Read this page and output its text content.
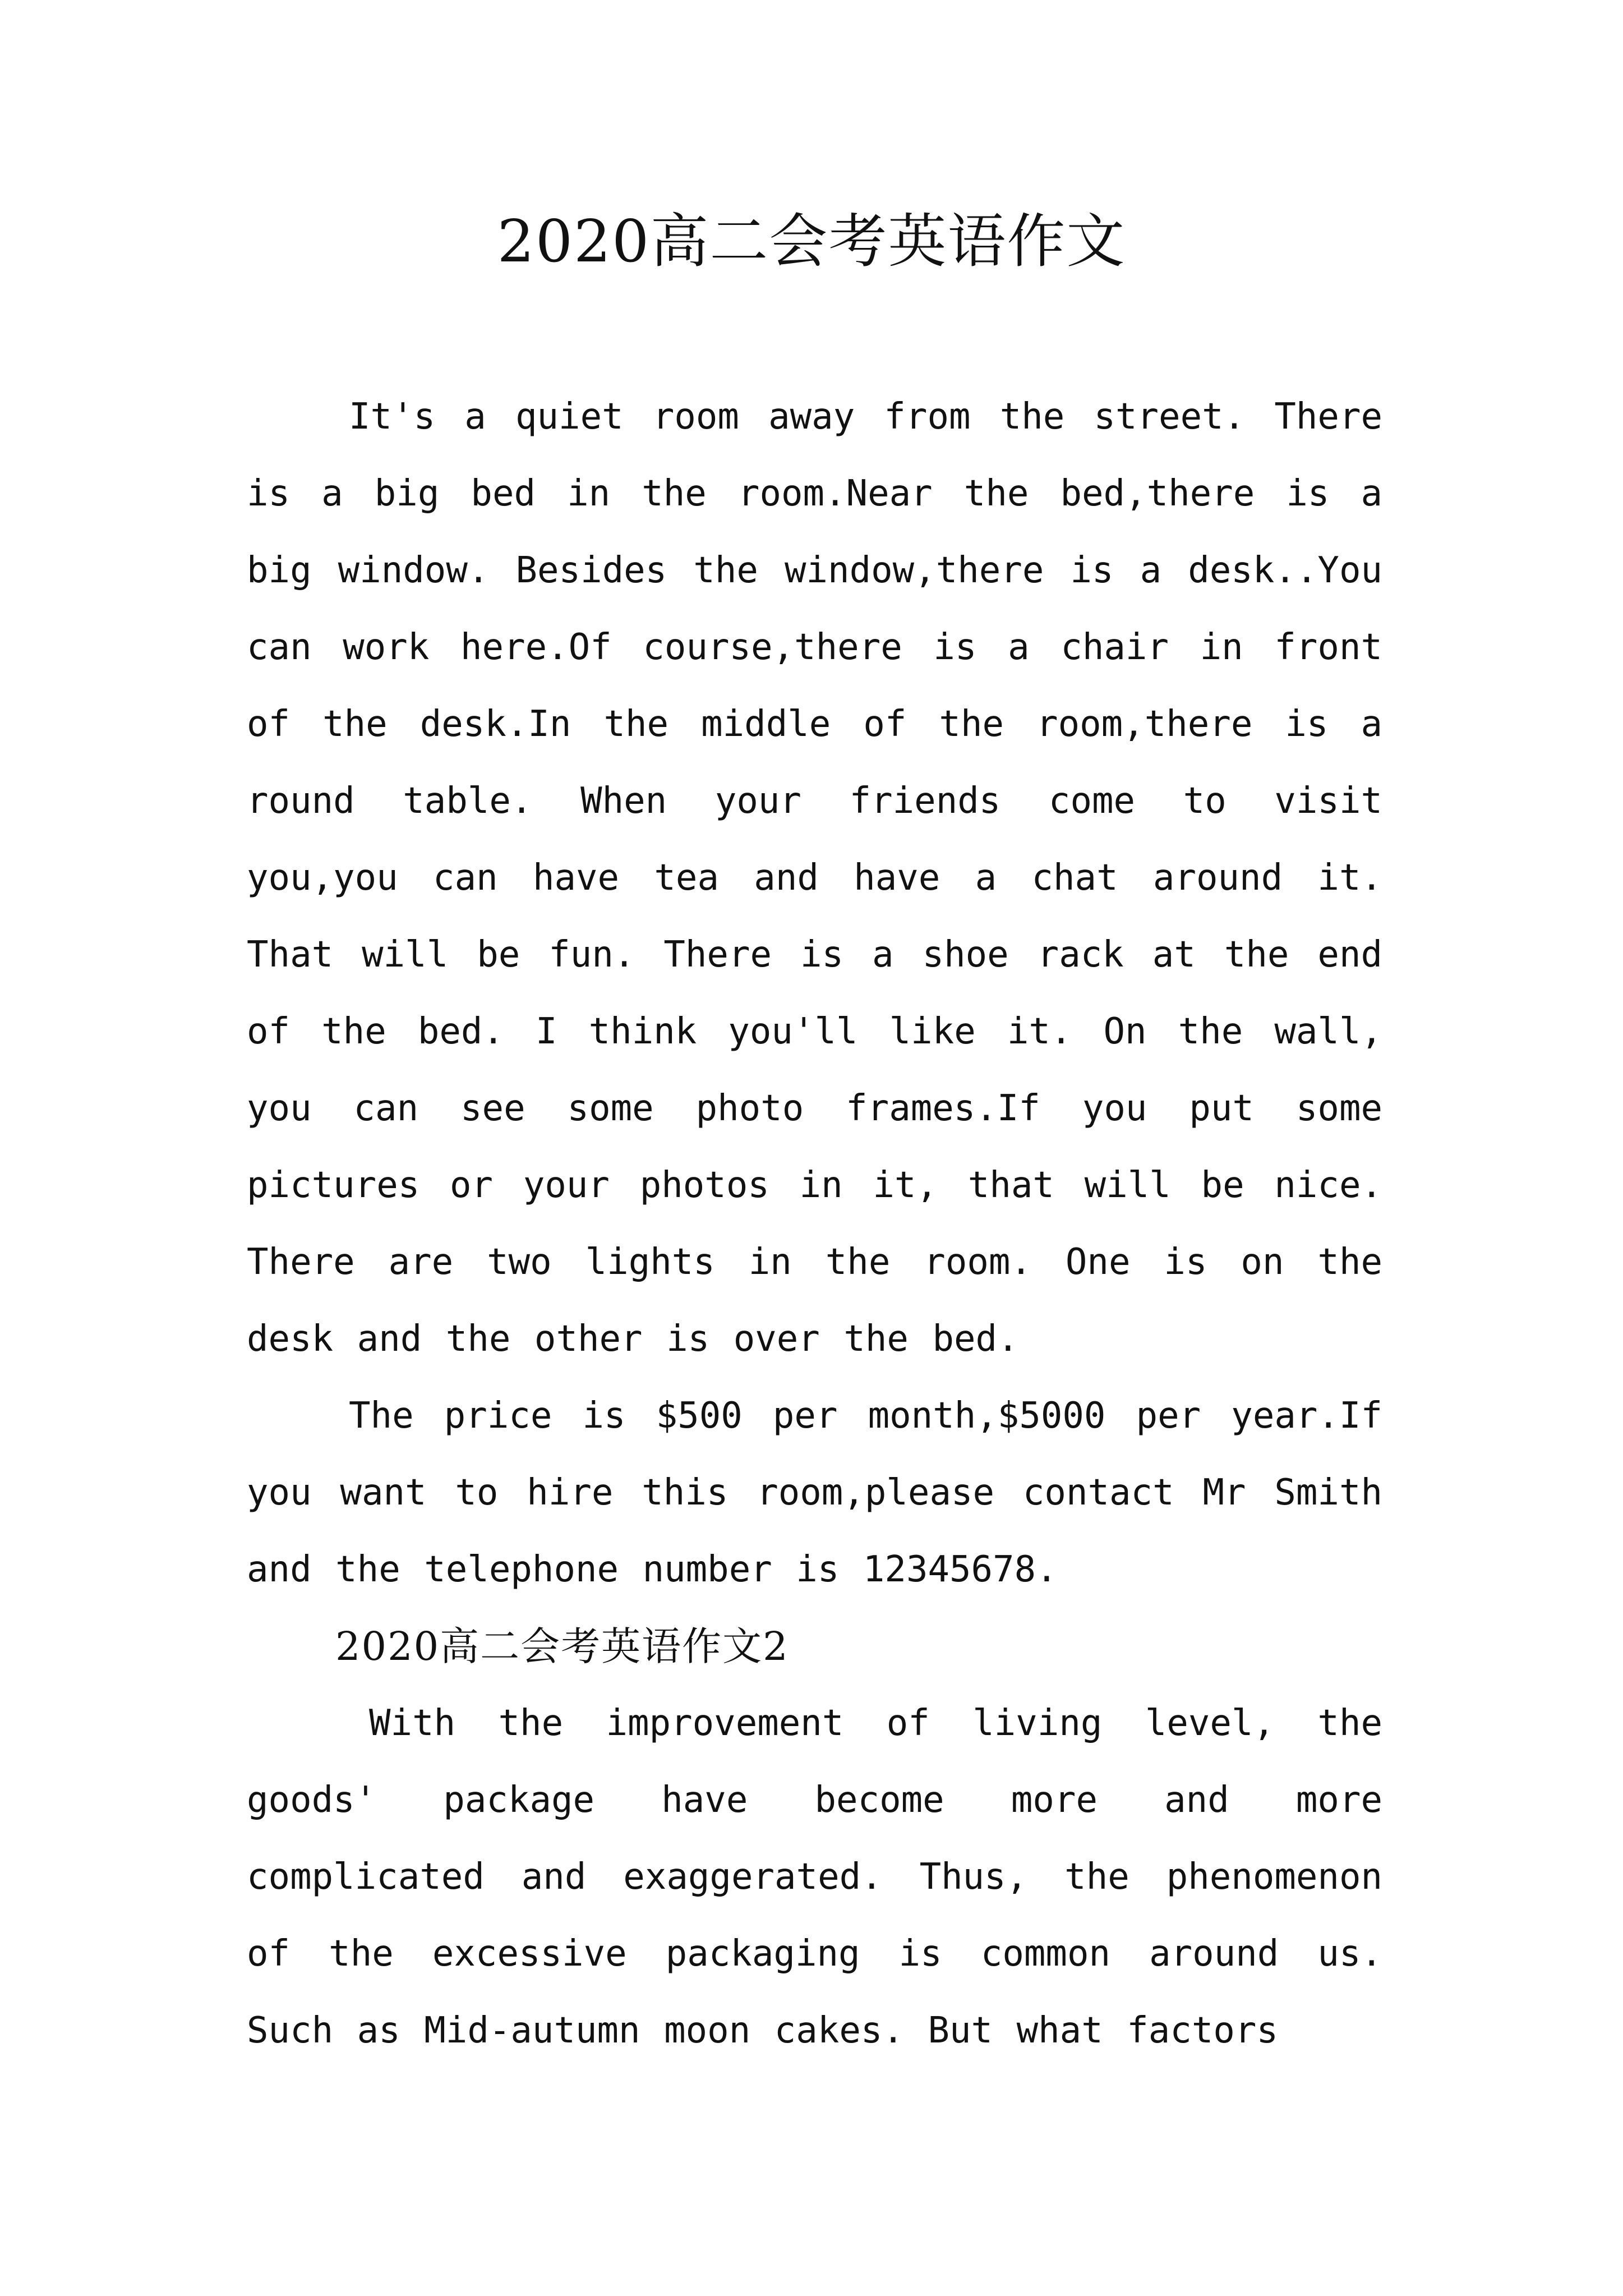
2020高二会考英语作文

It's a quiet room away from the street. There is a big bed in the room.Near the bed,there is a big window. Besides the window,there is a desk..You can work here.Of course,there is a chair in front of the desk.In the middle of the room,there is a round table. When your friends come to visit you,you can have tea and have a chat around it. That will be fun. There is a shoe rack at the end of the bed. I think you'll like it. On the wall, you can see some photo frames.If you put some pictures or your photos in it, that will be nice. There are two lights in the room. One is on the desk and the other is over the bed.

The price is $500 per month,$5000 per year.If you want to hire this room,please contact Mr Smith and the telephone number is 12345678.

2020高二会考英语作文2

With the improvement of living level, the goods' package have become more and more complicated and exaggerated. Thus, the phenomenon of the excessive packaging is common around us. Such as Mid-autumn moon cakes. But what factors
